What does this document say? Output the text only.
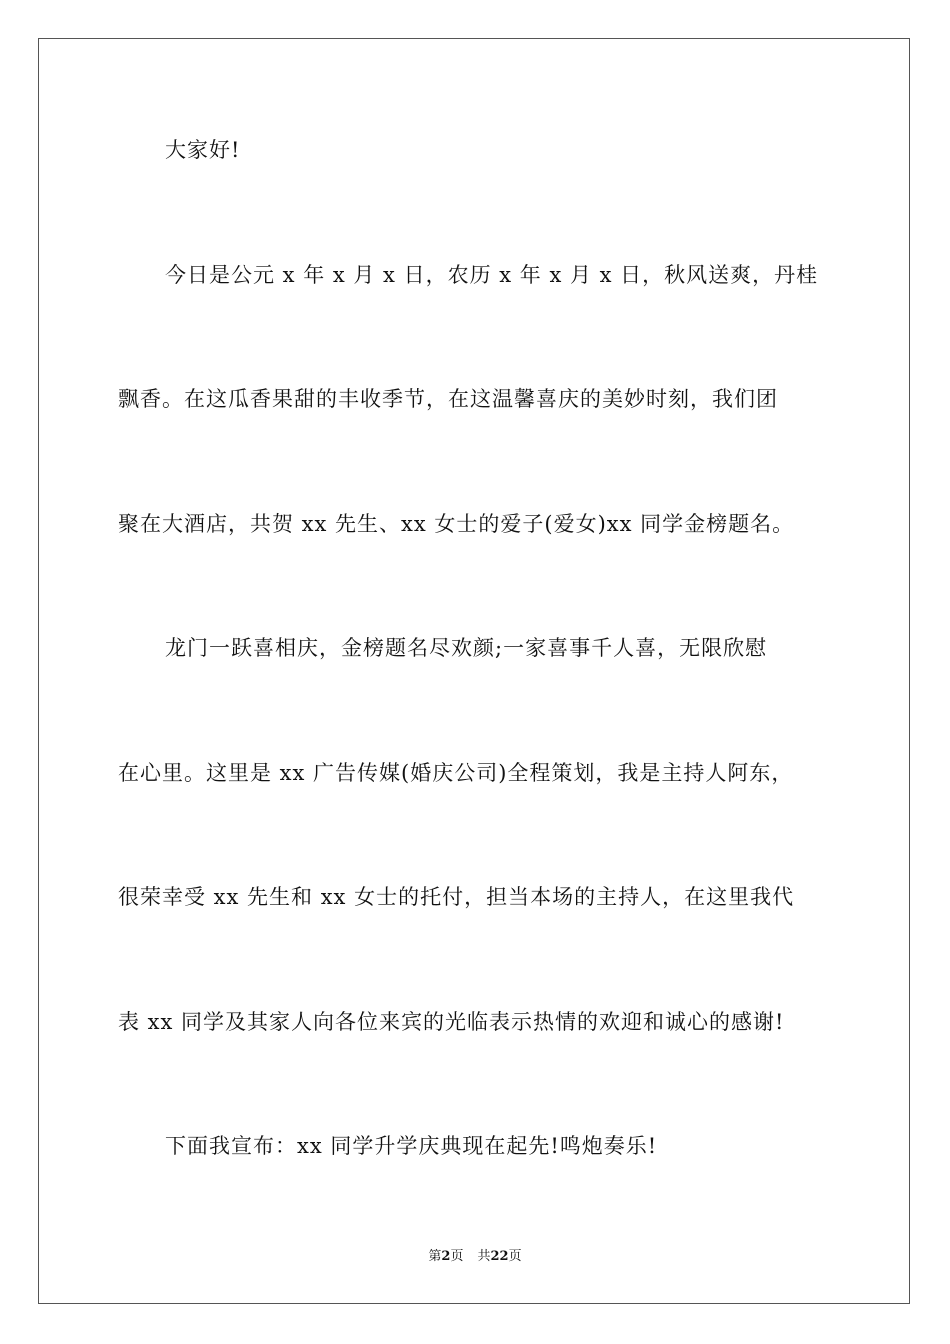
大家好!
今日是公元 x 年 x 月 x 日，农历 x 年 x 月 x 日，秋风送爽，丹桂
飘香。在这瓜香果甜的丰收季节，在这温馨喜庆的美妙时刻，我们团
聚在大酒店，共贺 xx 先生、xx 女士的爱子(爱女)xx 同学金榜题名。
龙门一跃喜相庆，金榜题名尽欢颜;一家喜事千人喜，无限欣慰
在心里。这里是 xx 广告传媒(婚庆公司)全程策划，我是主持人阿东，
很荣幸受 xx 先生和 xx 女士的托付，担当本场的主持人，在这里我代
表 xx 同学及其家人向各位来宾的光临表示热情的欢迎和诚心的感谢!
下面我宣布：xx 同学升学庆典现在起先!鸣炮奏乐!
第2页 共22页
